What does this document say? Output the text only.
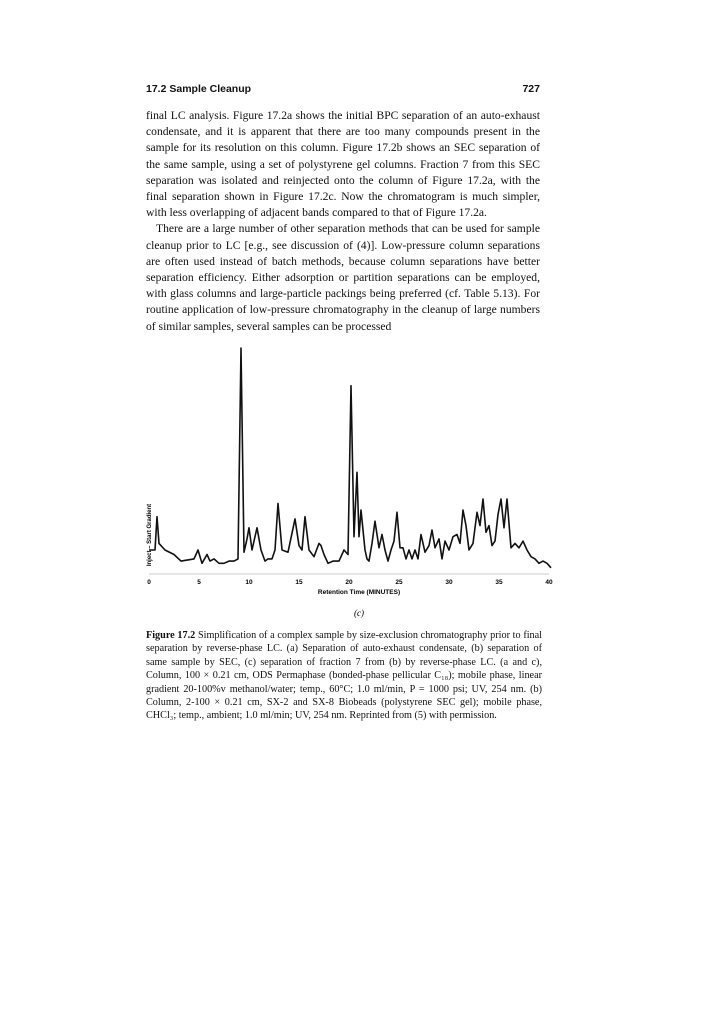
17.2 Sample Cleanup	727

final LC analysis. Figure 17.2a shows the initial BPC separation of an auto-exhaust condensate, and it is apparent that there are too many compounds present in the sample for its resolution on this column. Figure 17.2b shows an SEC separation of the same sample, using a set of polystyrene gel columns. Fraction 7 from this SEC separation was isolated and reinjected onto the column of Figure 17.2a, with the final separation shown in Figure 17.2c. Now the chromatogram is much simpler, with less overlapping of adjacent bands compared to that of Figure 17.2a.

There are a large number of other separation methods that can be used for sample cleanup prior to LC [e.g., see discussion of (4)]. Low-pressure column separations are often used instead of batch methods, because column separations have better separation efficiency. Either adsorption or partition separations can be employed, with glass columns and large-particle packings being preferred (cf. Table 5.13). For routine application of low-pressure chromatography in the cleanup of large numbers of similar samples, several samples can be processed

0	5	10	15	20	25	30	35	40
Retention Time (MINUTES)
(c)
Inject – Start Gradient
Figure 17.2 Simplification of a complex sample by size-exclusion chromatography prior to final separation by reverse-phase LC. (a) Separation of auto-exhaust condensate, (b) separation of same sample by SEC, (c) separation of fraction 7 from (b) by reverse-phase LC. (a and c), Column, 100 × 0.21 cm, ODS Permaphase (bonded-phase pellicular C₁₈); mobile phase, linear gradient 20-100%v methanol/water; temp., 60°C; 1.0 ml/min, P = 1000 psi; UV, 254 nm. (b) Column, 2-100 × 0.21 cm, SX-2 and SX-8 Biobeads (polystyrene SEC gel); mobile phase, CHCl₃; temp., ambient; 1.0 ml/min; UV, 254 nm. Reprinted from (5) with permission.
